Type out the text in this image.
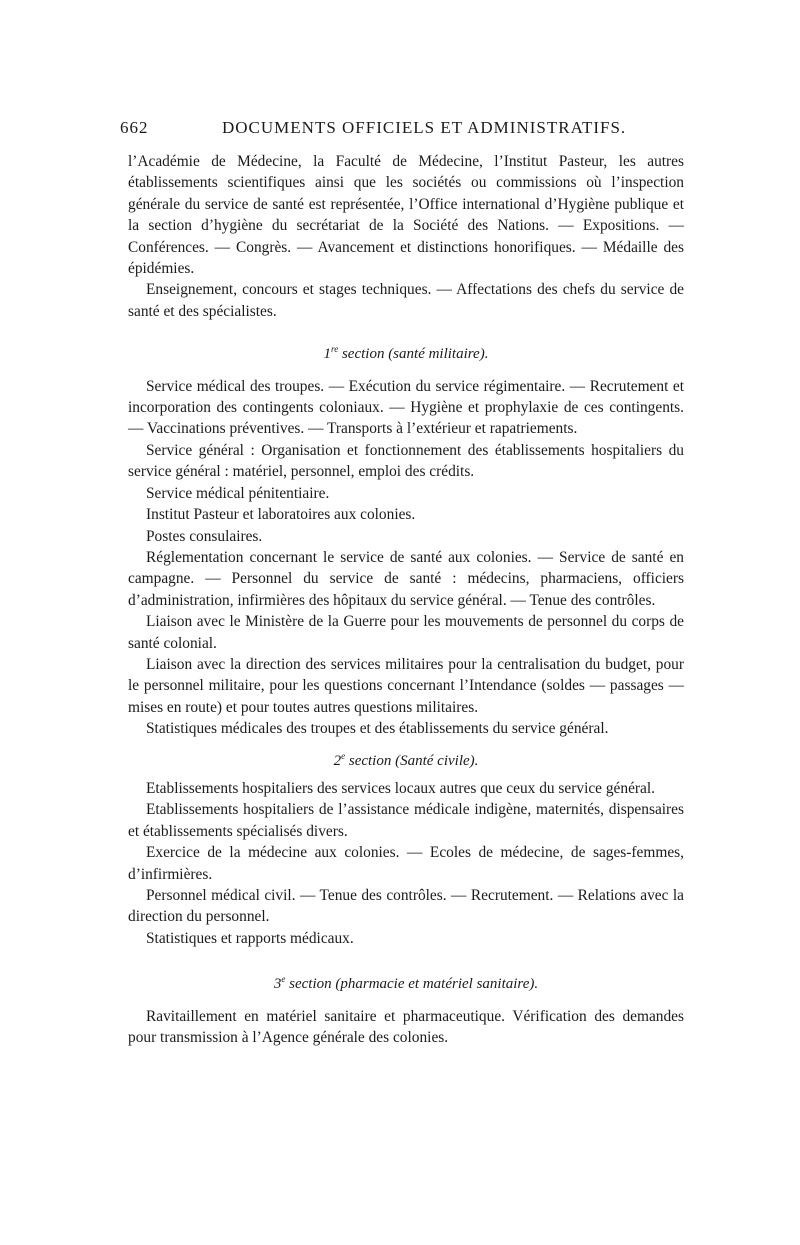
662	DOCUMENTS OFFICIELS ET ADMINISTRATIFS.

l’Académie de Médecine, la Faculté de Médecine, l’Institut Pasteur, les autres établissements scientifiques ainsi que les sociétés ou commissions où l’inspection générale du service de santé est représentée, l’Office international d’Hygiène publique et la section d’hygiène du secrétariat de la Société des Nations. — Expositions. — Conférences. — Congrès. — Avancement et distinctions honorifiques. — Médaille des épidémies.

Enseignement, concours et stages techniques. — Affectations des chefs du service de santé et des spécialistes.

1re section (santé militaire).

Service médical des troupes. — Exécution du service régimentaire. — Recrutement et incorporation des contingents coloniaux. — Hygiène et prophylaxie de ces contingents. — Vaccinations préventives. — Transports à l’extérieur et rapatriements.

Service général : Organisation et fonctionnement des établissements hospitaliers du service général : matériel, personnel, emploi des crédits.

Service médical pénitentiaire.

Institut Pasteur et laboratoires aux colonies.

Postes consulaires.

Réglementation concernant le service de santé aux colonies. — Service de santé en campagne. — Personnel du service de santé : médecins, pharmaciens, officiers d’administration, infirmières des hôpitaux du service général. — Tenue des contrôles.

Liaison avec le Ministère de la Guerre pour les mouvements de personnel du corps de santé colonial.

Liaison avec la direction des services militaires pour la centralisation du budget, pour le personnel militaire, pour les questions concernant l’Intendance (soldes — passages — mises en route) et pour toutes autres questions militaires.

Statistiques médicales des troupes et des établissements du service général.

2e section (Santé civile).

Etablissements hospitaliers des services locaux autres que ceux du service général.

Etablissements hospitaliers de l’assistance médicale indigène, maternités, dispensaires et établissements spécialisés divers.

Exercice de la médecine aux colonies. — Ecoles de médecine, de sages-femmes, d’infirmières.

Personnel médical civil. — Tenue des contrôles. — Recrutement. — Relations avec la direction du personnel.

Statistiques et rapports médicaux.

3e section (pharmacie et matériel sanitaire).

Ravitaillement en matériel sanitaire et pharmaceutique. Vérification des demandes pour transmission à l’Agence générale des colonies.
